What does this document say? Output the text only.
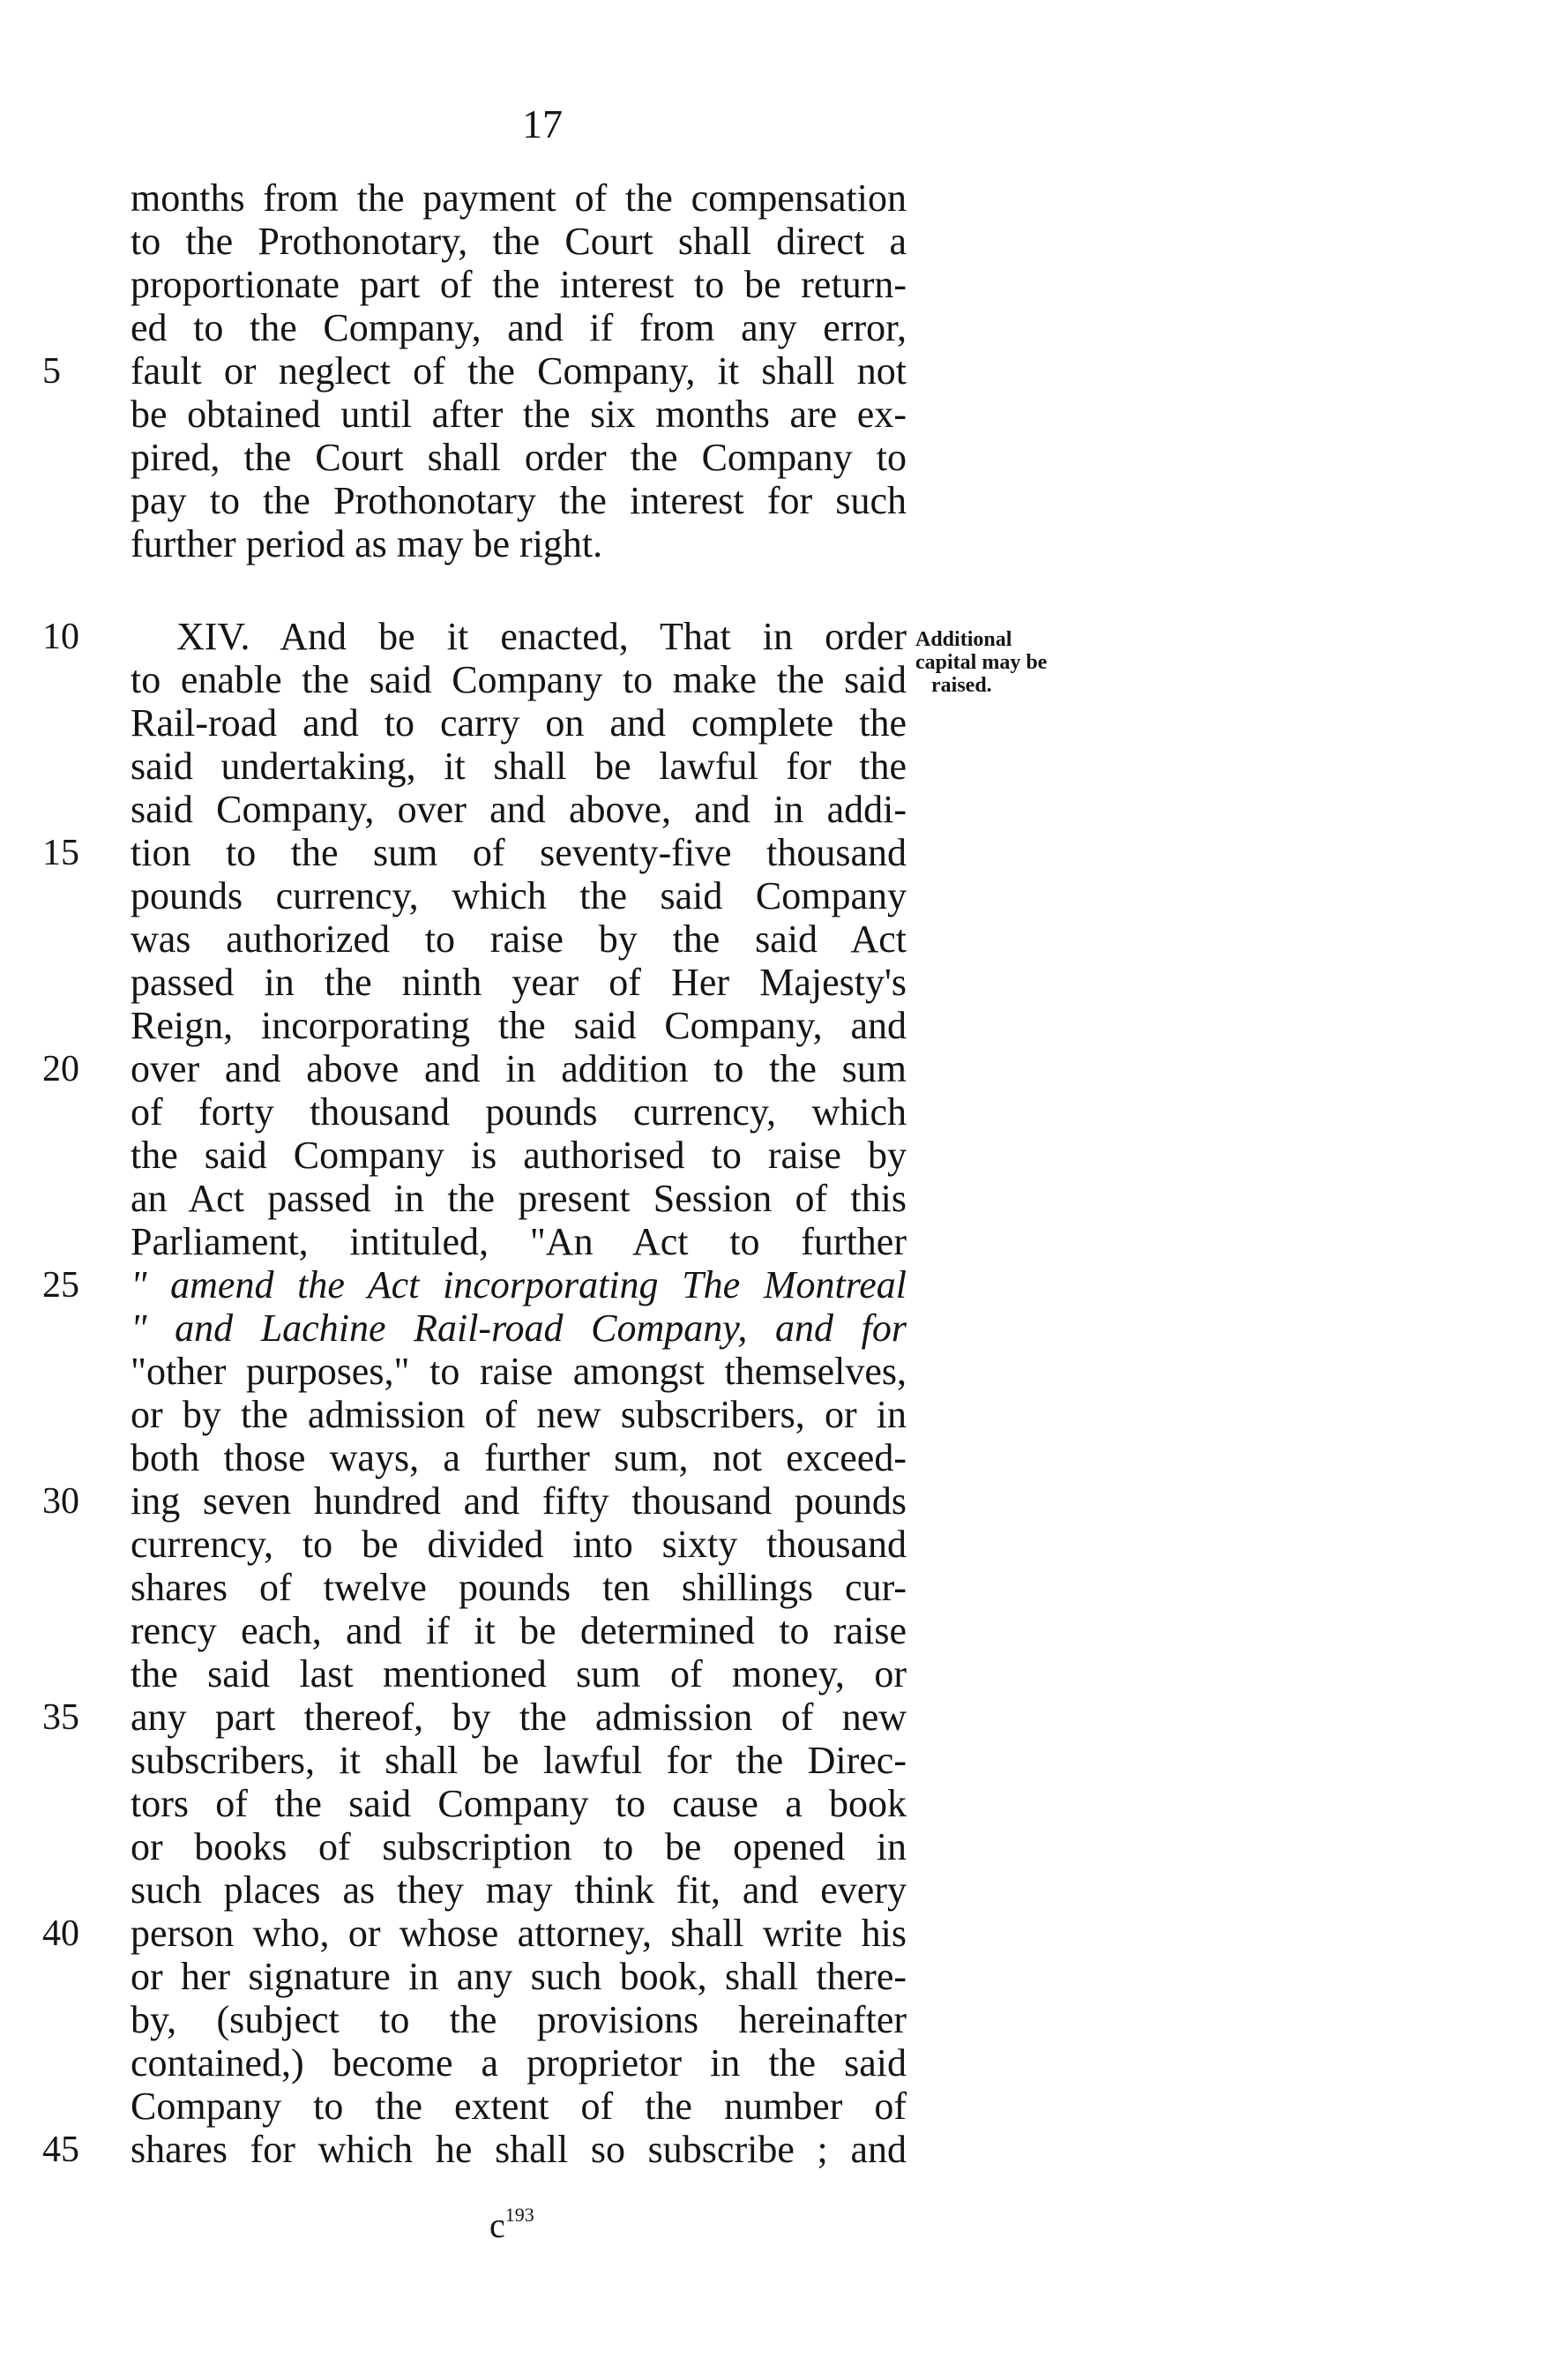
17
months from the payment of the compensation
to the Prothonotary, the Court shall direct a
proportionate part of the interest to be return-
ed to the Company, and if from any error,
5	fault or neglect of the Company, it shall not
be obtained until after the six months are ex-
pired, the Court shall order the Company to
pay to the Prothonotary the interest for such
further period as may be right.
Additional
capital may be
raised.
10	XIV. And be it enacted, That in order
to enable the said Company to make the said
Rail-road and to carry on and complete the
said undertaking, it shall be lawful for the
said Company, over and above, and in addi-
15	tion to the sum of seventy-five thousand
pounds currency, which the said Company
was authorized to raise by the said Act
passed in the ninth year of Her Majesty's
Reign, incorporating the said Company, and
20	over and above and in addition to the sum
of forty thousand pounds currency, which
the said Company is authorised to raise by
an Act passed in the present Session of this
Parliament, intituled, "An Act to further
25	" amend the Act incorporating The Montreal
" and Lachine Rail-road Company, and for
"other purposes," to raise amongst themselves,
or by the admission of new subscribers, or in
both those ways, a further sum, not exceed-
30	ing seven hundred and fifty thousand pounds
currency, to be divided into sixty thousand
shares of twelve pounds ten shillings cur-
rency each, and if it be determined to raise
the said last mentioned sum of money, or
35	any part thereof, by the admission of new
subscribers, it shall be lawful for the Direc-
tors of the said Company to cause a book
or books of subscription to be opened in
such places as they may think fit, and every
40	person who, or whose attorney, shall write his
or her signature in any such book, shall there-
by, (subject to the provisions hereinafter
contained,) become a proprietor in the said
Company to the extent of the number of
45	shares for which he shall so subscribe ; and
$c^{193}$
